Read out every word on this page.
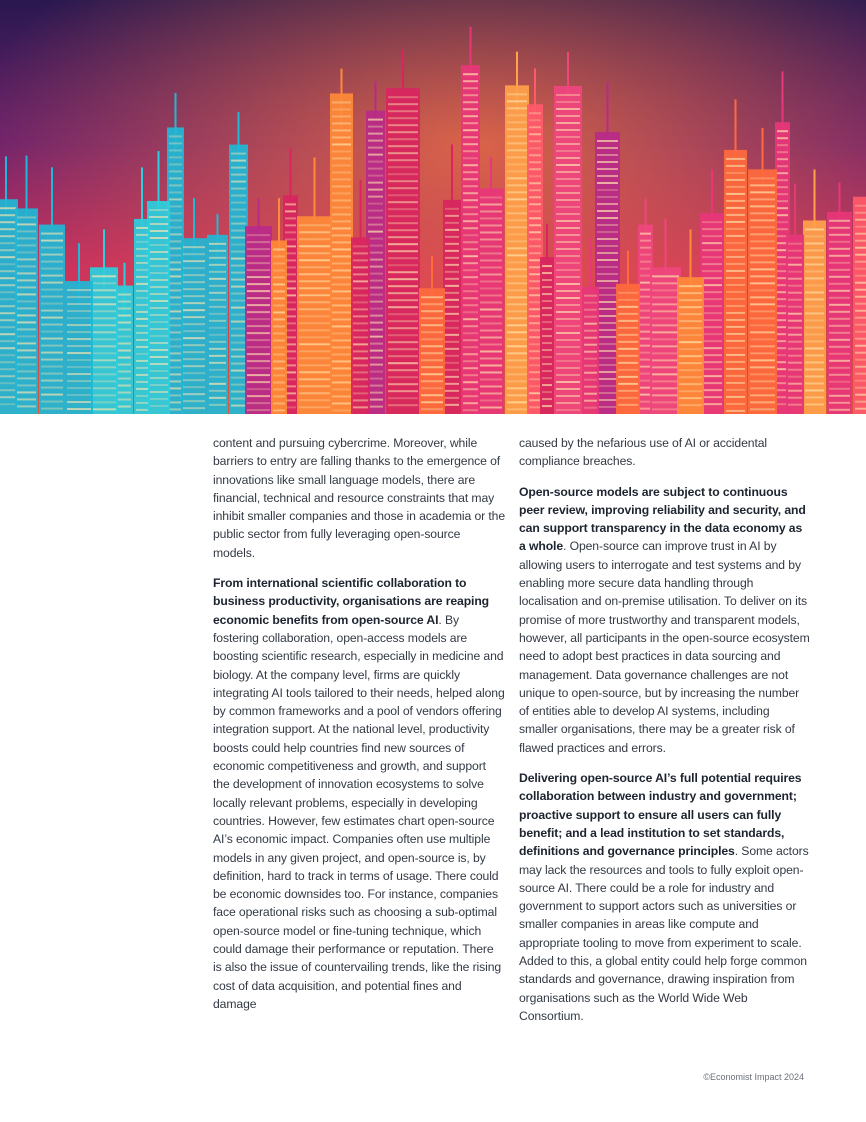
content and pursuing cybercrime. Moreover, while barriers to entry are falling thanks to the emergence of innovations like small language models, there are financial, technical and resource constraints that may inhibit smaller companies and those in academia or the public sector from fully leveraging open-source models.

From international scientific collaboration to business productivity, organisations are reaping economic benefits from open-source AI. By fostering collaboration, open-access models are boosting scientific research, especially in medicine and biology. At the company level, firms are quickly integrating AI tools tailored to their needs, helped along by common frameworks and a pool of vendors offering integration support. At the national level, productivity boosts could help countries find new sources of economic competitiveness and growth, and support the development of innovation ecosystems to solve locally relevant problems, especially in developing countries. However, few estimates chart open-source AI’s economic impact. Companies often use multiple models in any given project, and open-source is, by definition, hard to track in terms of usage. There could be economic downsides too. For instance, companies face operational risks such as choosing a sub-optimal open-source model or fine-tuning technique, which could damage their performance or reputation. There is also the issue of countervailing trends, like the rising cost of data acquisition, and potential fines and damage

caused by the nefarious use of AI or accidental compliance breaches.

Open-source models are subject to continuous peer review, improving reliability and security, and can support transparency in the data economy as a whole. Open-source can improve trust in AI by allowing users to interrogate and test systems and by enabling more secure data handling through localisation and on-premise utilisation. To deliver on its promise of more trustworthy and transparent models, however, all participants in the open-source ecosystem need to adopt best practices in data sourcing and management. Data governance challenges are not unique to open-source, but by increasing the number of entities able to develop AI systems, including smaller organisations, there may be a greater risk of flawed practices and errors.

Delivering open-source AI’s full potential requires collaboration between industry and government; proactive support to ensure all users can fully benefit; and a lead institution to set standards, definitions and governance principles. Some actors may lack the resources and tools to fully exploit open-source AI. There could be a role for industry and government to support actors such as universities or smaller companies in areas like compute and appropriate tooling to move from experiment to scale. Added to this, a global entity could help forge common standards and governance, drawing inspiration from organisations such as the World Wide Web Consortium.

©Economist Impact 2024
